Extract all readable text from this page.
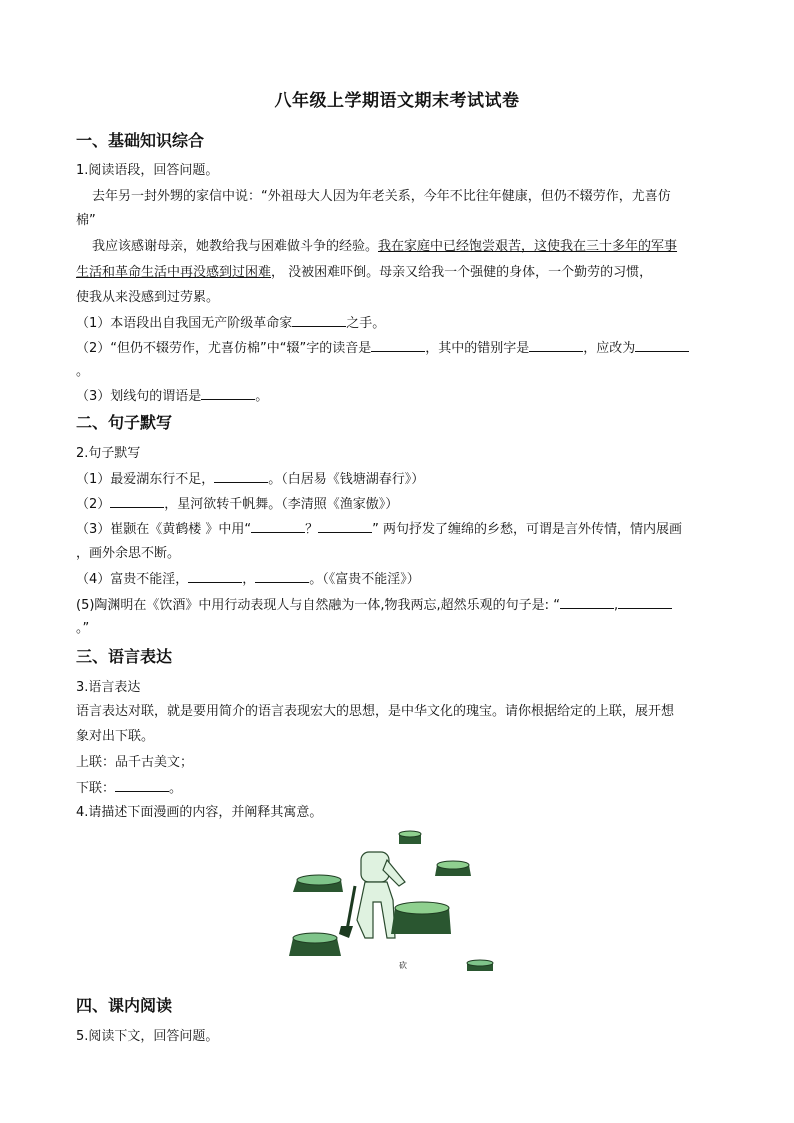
八年级上学期语文期末考试试卷
一、基础知识综合
1.阅读语段，回答问题。
去年另一封外甥的家信中说：“外祖母大人因为年老关系，今年不比往年健康，但仍不辍劳作，尤喜仿
棉”
我应该感谢母亲，她教给我与困难做斗争的经验。我在家庭中已经饱尝艰苦，这使我在三十多年的军事
生活和革命生活中再没感到过困难， 没被困难吓倒。母亲又给我一个强健的身体，一个勤劳的习惯，
使我从来没感到过劳累。
（1）本语段出自我国无产阶级革命家	之手。
（2）“但仍不辍劳作，尤喜仿棉”中“辍”字的读音是	，其中的错别字是	，应改为
。
（3）划线句的谓语是	。
二、句子默写
2.句子默写
（1）最爱湖东行不足，	。（白居易《钱塘湖春行》）
（2）	，星河欲转千帆舞。（李清照《渔家傲》）
（3）崔颢在《黄鹤楼 》中用“	？	” 两句抒发了缠绵的乡愁，可谓是言外传情，情内展画
，画外余思不断。
（4）富贵不能淫，	，	。（《富贵不能淫》）
(5)陶渊明在《饮酒》中用行动表现人与自然融为一体,物我两忘,超然乐观的句子是: “	,
。”
三、语言表达
3.语言表达
语言表达对联，就是要用简介的语言表现宏大的思想，是中华文化的瑰宝。请你根据给定的上联，展开想
象对出下联。
上联：品千古美文；
下联：	。
4.请描述下面漫画的内容，并阐释其寓意。
砍
四、课内阅读
5.阅读下文，回答问题。
